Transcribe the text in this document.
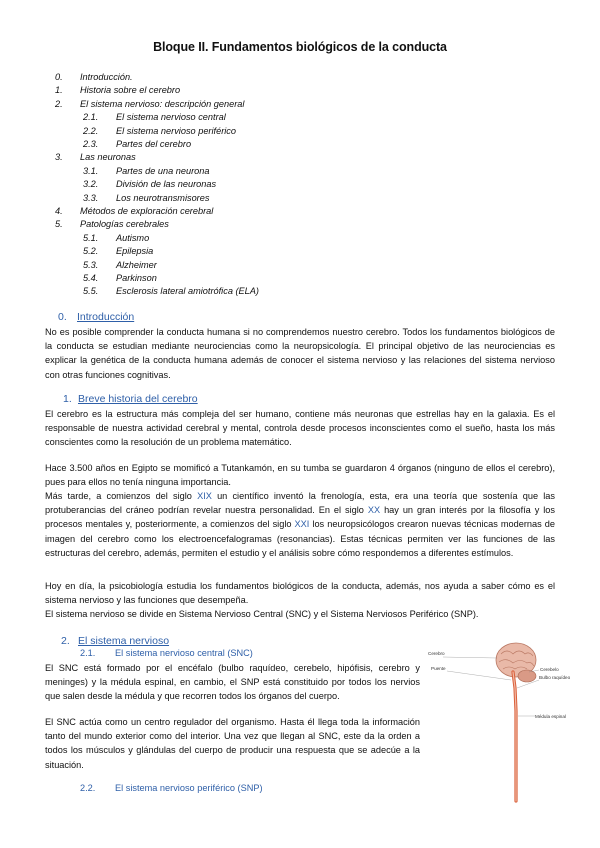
Bloque II. Fundamentos biológicos de la conducta
0. Introducción.
1. Historia sobre el cerebro
2. El sistema nervioso: descripción general
2.1. El sistema nervioso central
2.2. El sistema nervioso periférico
2.3. Partes del cerebro
3. Las neuronas
3.1. Partes de una neurona
3.2. División de las neuronas
3.3. Los neurotransmisores
4. Métodos de exploración cerebral
5. Patologías cerebrales
5.1. Autismo
5.2. Epilepsia
5.3. Alzheimer
5.4. Parkinson
5.5. Esclerosis lateral amiotrófica (ELA)
0. Introducción
No es posible comprender la conducta humana si no comprendemos nuestro cerebro. Todos los fundamentos biológicos de la conducta se estudian mediante neurociencias como la neuropsicología. El principal objetivo de las neurociencias es explicar la genética de la conducta humana además de conocer el sistema nervioso y las relaciones del sistema nervioso con otras funciones cognitivas.
1. Breve historia del cerebro
El cerebro es la estructura más compleja del ser humano, contiene más neuronas que estrellas hay en la galaxia. Es el responsable de nuestra actividad cerebral y mental, controla desde procesos inconscientes como el sueño, hasta los más conscientes como la resolución de un problema matemático.
Hace 3.500 años en Egipto se momificó a Tutankamón, en su tumba se guardaron 4 órganos (ninguno de ellos el cerebro), pues para ellos no tenía ninguna importancia.
Más tarde, a comienzos del siglo XIX un científico inventó la frenología, esta, era una teoría que sostenía que las protuberancias del cráneo podrían revelar nuestra personalidad. En el siglo XX hay un gran interés por la filosofía y los procesos mentales y, posteriormente, a comienzos del siglo XXI los neuropsicólogos crearon nuevas técnicas modernas de imagen del cerebro como los electroencefalogramas (resonancias). Estas técnicas permiten ver las funciones de las estructuras del cerebro, además, permiten el estudio y el análisis sobre cómo respondemos a diferentes estímulos.
Hoy en día, la psicobiología estudia los fundamentos biológicos de la conducta, además, nos ayuda a saber cómo es el sistema nervioso y las funciones que desempeña.
El sistema nervioso se divide en Sistema Nervioso Central (SNC) y el Sistema Nerviosos Periférico (SNP).
2. El sistema nervioso
2.1. El sistema nervioso central (SNC)
El SNC está formado por el encéfalo (bulbo raquídeo, cerebelo, hipófisis, cerebro y meninges) y la médula espinal, en cambio, el SNP está constituido por todos los nervios que salen desde la médula y que recorren todos los órganos del cuerpo.
El SNC actúa como un centro regulador del organismo. Hasta él llega toda la información tanto del mundo exterior como del interior. Una vez que llegan al SNC, este da la orden a todos los músculos y glándulas del cuerpo de producir una respuesta que se adecúe a la situación.
2.2. El sistema nervioso periférico (SNP)
Cerebro
Puente	Cerebelo
Bulbo raquídeo
Médula espinal
